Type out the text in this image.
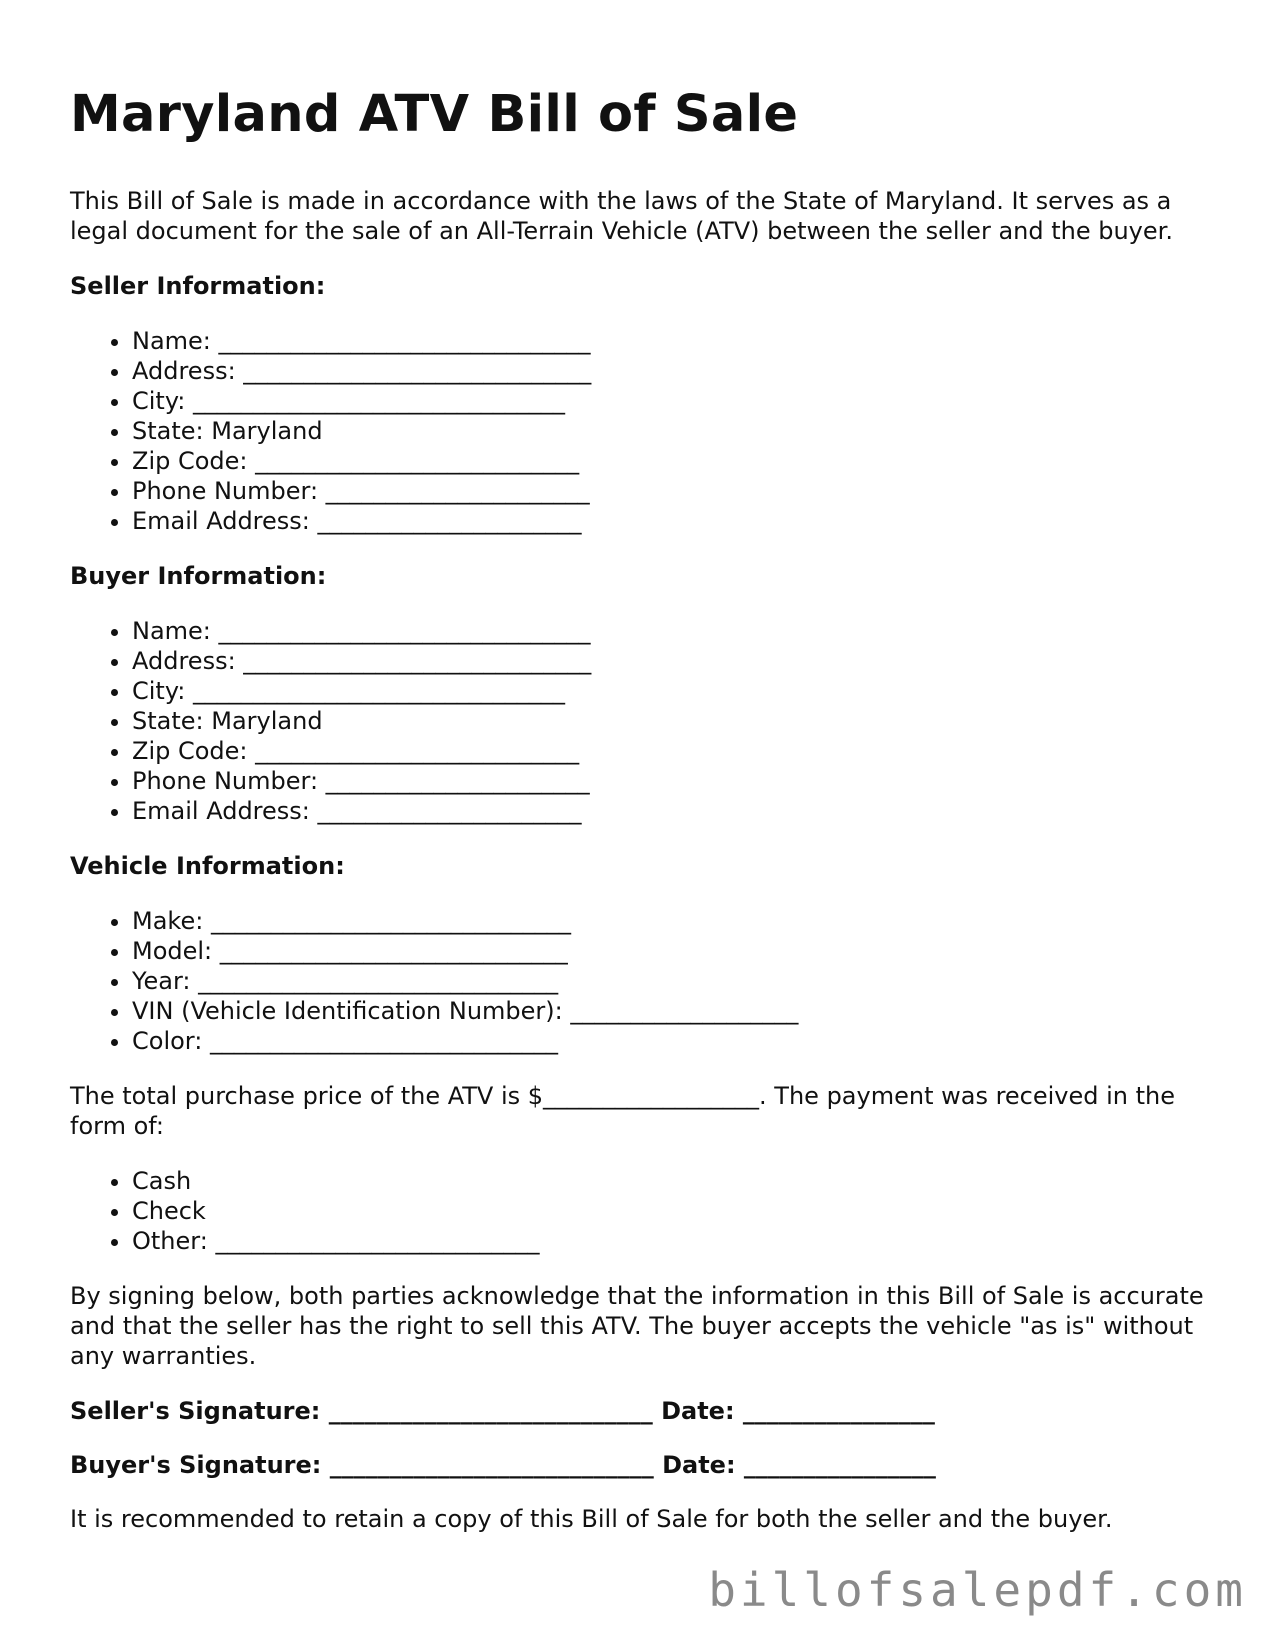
Maryland ATV Bill of Sale

This Bill of Sale is made in accordance with the laws of the State of Maryland. It serves as a legal document for the sale of an All-Terrain Vehicle (ATV) between the seller and the buyer.

Seller Information:

• Name: _______________________________
• Address: _____________________________
• City: _______________________________
• State: Maryland
• Zip Code: ___________________________
• Phone Number: ______________________
• Email Address: ______________________

Buyer Information:

• Name: _______________________________
• Address: _____________________________
• City: _______________________________
• State: Maryland
• Zip Code: ___________________________
• Phone Number: ______________________
• Email Address: ______________________

Vehicle Information:

• Make: ______________________________
• Model: _____________________________
• Year: ______________________________
• VIN (Vehicle Identification Number): ___________________
• Color: _____________________________

The total purchase price of the ATV is $__________________. The payment was received in the form of:

• Cash
• Check
• Other: ___________________________

By signing below, both parties acknowledge that the information in this Bill of Sale is accurate and that the seller has the right to sell this ATV. The buyer accepts the vehicle "as is" without any warranties.

Seller's Signature: ___________________________ Date: ________________

Buyer's Signature: ___________________________ Date: ________________

It is recommended to retain a copy of this Bill of Sale for both the seller and the buyer.

billofsalepdf.com
